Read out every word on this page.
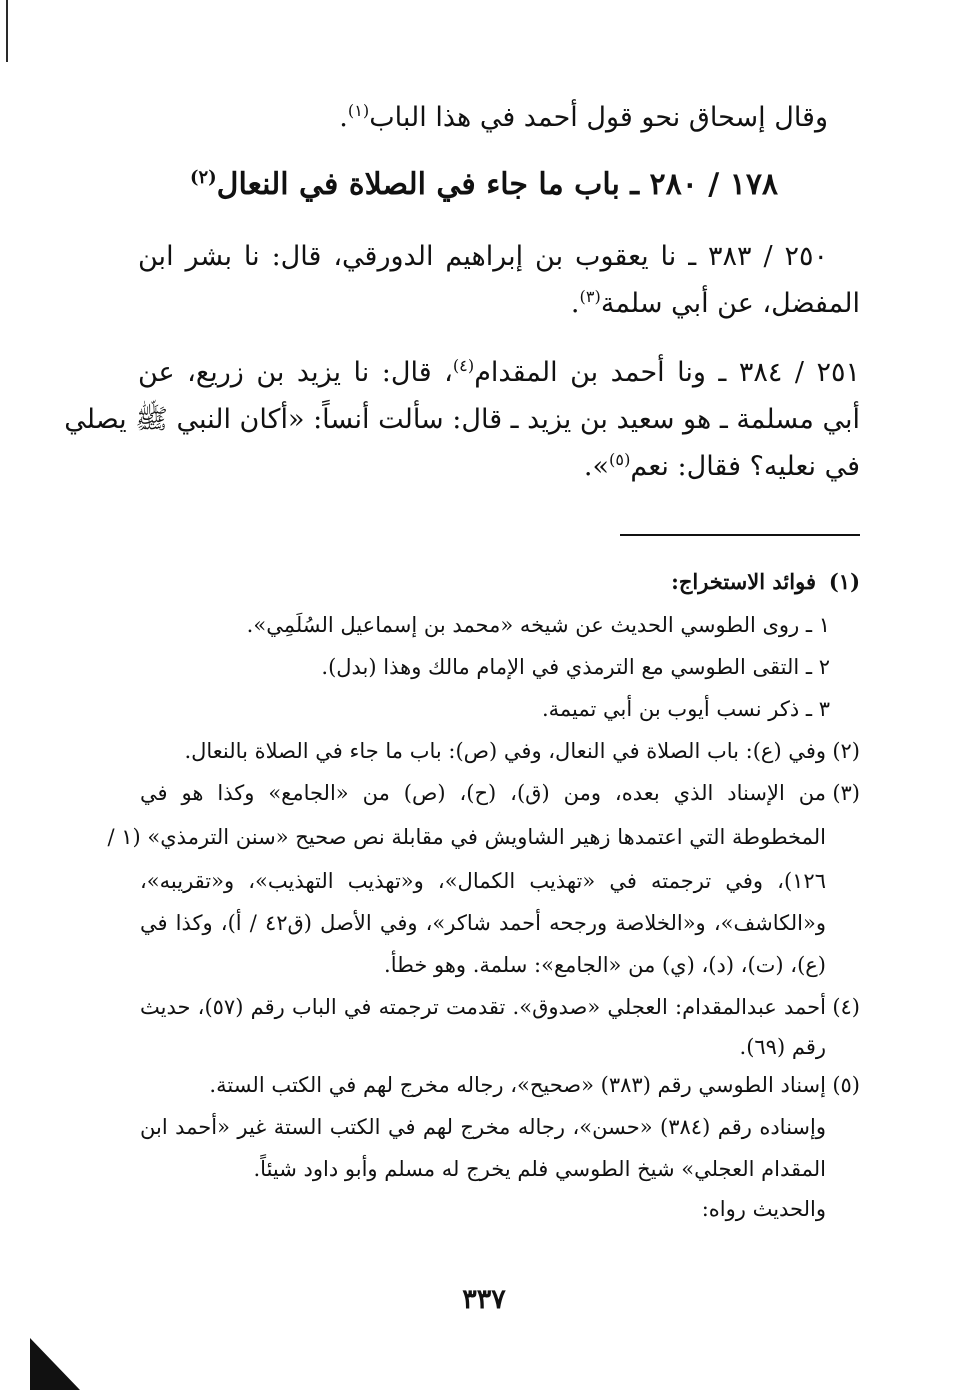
وقال إسحاق نحو قول أحمد في هذا الباب$^{(١)}$.
١٧٨ / ٢٨٠ ـ باب ما جاء في الصلاة في النعال$^{(٢)}$
٢٥٠ / ٣٨٣ ـ نا يعقوب بن إبراهيم الدورقي، قال: نا بشر ابن
المفضل، عن أبي سلمة$^{(٣)}$.
٢٥١ / ٣٨٤ ـ ونا أحمد بن المقدام$^{(٤)}$، قال: نا يزيد بن زريع، عن
أبي مسلمة ـ هو سعيد بن يزيد ـ قال: سألت أنساً: «أكان النبي ﷺ يصلي
في نعليه؟ فقال: نعم$^{(٥)}$».
(١)
فوائد الاستخراج:
١ ـ روى الطوسي الحديث عن شيخه «محمد بن إسماعيل السُلَمِي».
٢ ـ التقى الطوسي مع الترمذي في الإمام مالك وهذا (بدل).
٣ ـ ذكر نسب أيوب بن أبي تميمة.
(٢)
وفي (ع): باب الصلاة في النعال، وفي (ص): باب ما جاء في الصلاة بالنعال.
(٣)
من الإسناد الذي بعده، ومن (ق)، (ح)، (ص) من «الجامع» وكذا هو في
المخطوطة التي اعتمدها زهير الشاويش في مقابلة نص صحيح «سنن الترمذي» (١ /
١٢٦)، وفي ترجمته في «تهذيب الكمال»، و«تهذيب التهذيب»، و«تقريبه»،
و«الكاشف»، و«الخلاصة ورجحه أحمد شاكر»، وفي الأصل (ق٤٢ / أ)، وكذا في
(ع)، (ت)، (د)، (ي) من «الجامع»: سلمة. وهو خطأ.
(٤)
أحمد عبدالمقدام: العجلي «صدوق». تقدمت ترجمته في الباب رقم (٥٧)، حديث
رقم (٦٩).
(٥)
إسناد الطوسي رقم (٣٨٣) «صحيح»، رجاله مخرج لهم في الكتب الستة.
وإسناده رقم (٣٨٤) «حسن»، رجاله مخرج لهم في الكتب الستة غير «أحمد ابن
المقدام العجلي» شيخ الطوسي فلم يخرج له مسلم وأبو داود شيئاً.
والحديث رواه:
٣٣٧
